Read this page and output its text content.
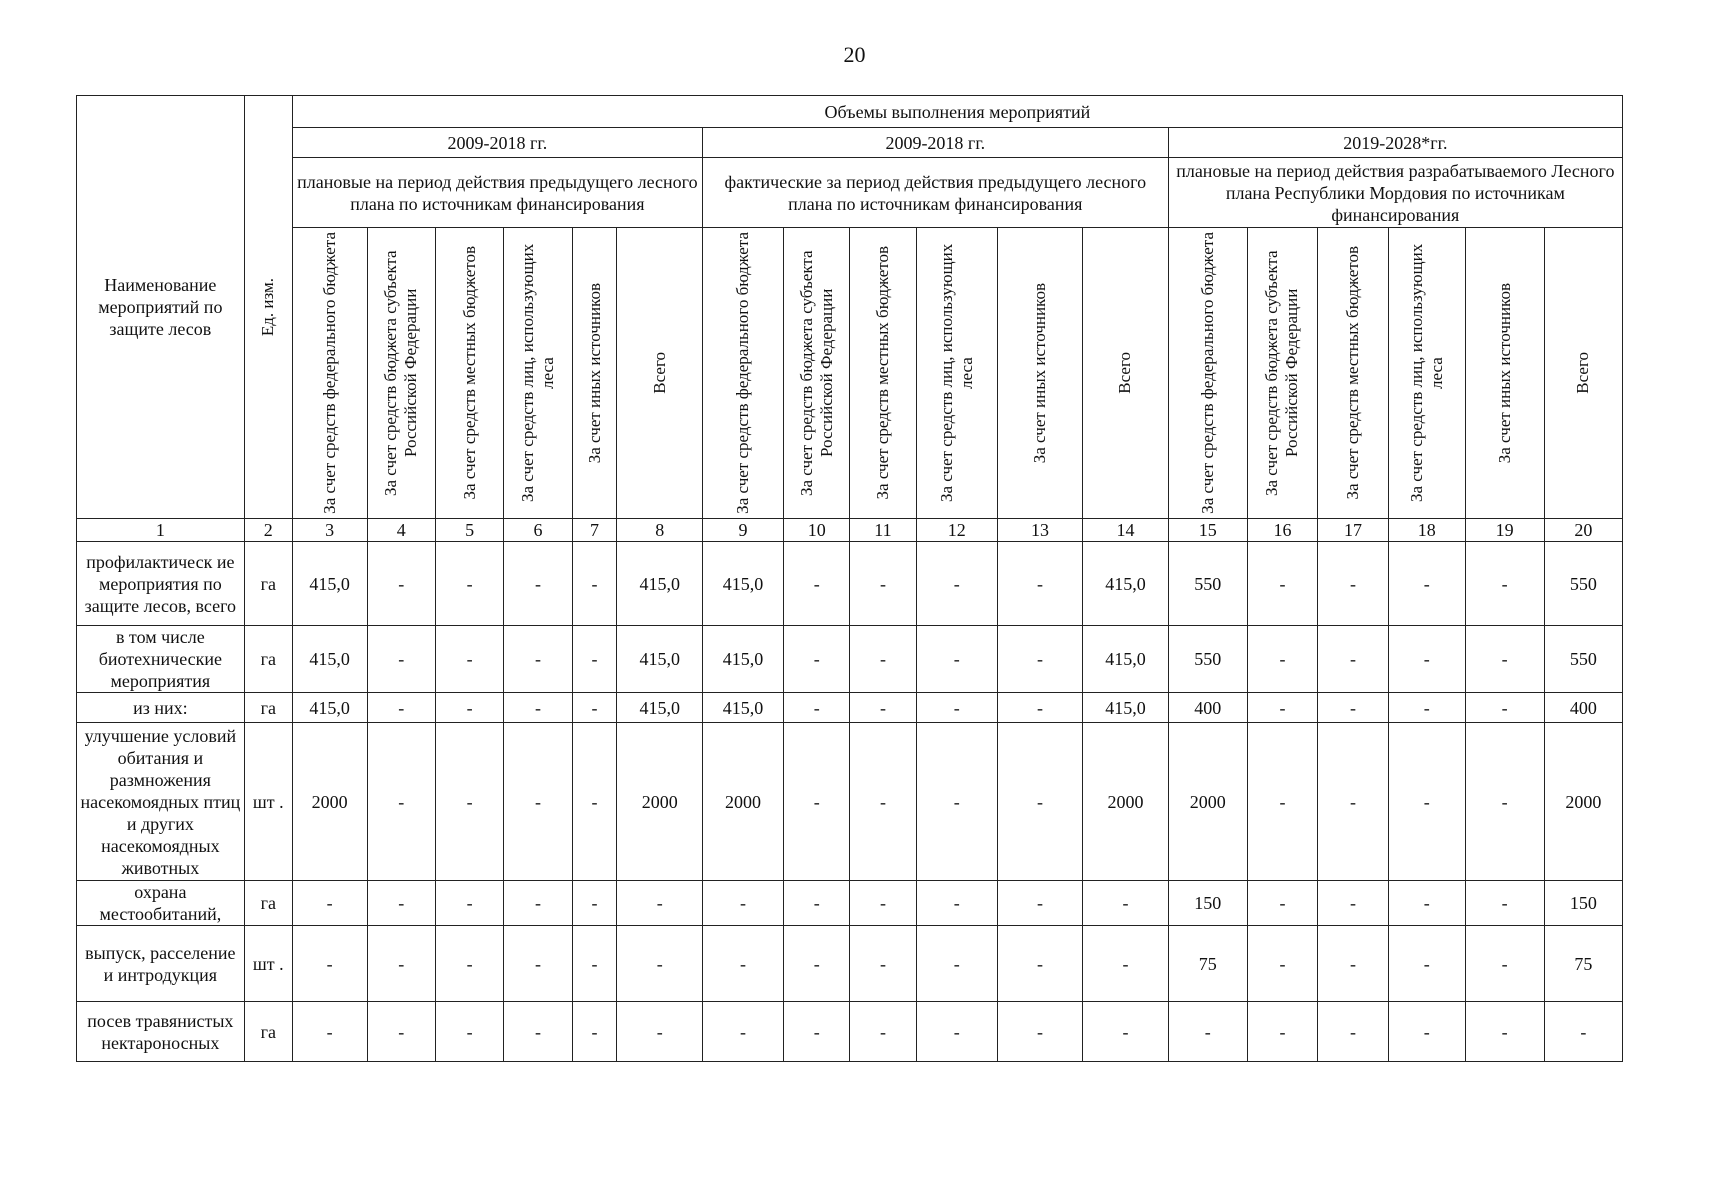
20
Наименование мероприятий по защите лесов	Ед. изм.	Объемы выполнения мероприятий																	
		2009-2018 гг.						2009-2018 гг.						2019-2028*гг.					
		плановые на период действия предыдущего лесного плана по источникам финансирования						фактические за период действия предыдущего лесного плана по источникам финансирования						плановые на период действия разрабатываемого Лесного плана Республики Мордовия по источникам финансирования					

		За счет средств федерального бюджета	За счет средств бюджета субъекта Российской Федерации	За счет средств местных бюджетов	За счет средств лиц, использующих леса	За счет иных источников	Всего	За счет средств федерального бюджета	За счет средств бюджета субъекта Российской Федерации	За счет средств местных бюджетов	За счет средств лиц, использующих леса	За счет иных источников	Всего	За счет средств федерального бюджета	За счет средств бюджета субъекта Российской Федерации	За счет средств местных бюджетов	За счет средств лиц, использующих леса	За счет иных источников	Всего

1	2	3	4	5	6	7	8	9	10	11	12	13	14	15	16	17	18	19	20
профилактическ ие мероприятия по защите лесов, всего	га	415,0	-	-	-	-	415,0	415,0	-	-	-	-	415,0	550	-	-	-	-	550
в том числе биотехнические мероприятия	га	415,0	-	-	-	-	415,0	415,0	-	-	-	-	415,0	550	-	-	-	-	550
из них:	га	415,0	-	-	-	-	415,0	415,0	-	-	-	-	415,0	400	-	-	-	-	400
улучшение условий обитания и размножения насекомоядных птиц и других насекомоядных животных	шт .	2000	-	-	-	-	2000	2000	-	-	-	-	2000	2000	-	-	-	-	2000
охрана местообитаний,	га	-	-	-	-	-	-	-	-	-	-	-	-	150	-	-	-	-	150
выпуск, расселение и интродукция	шт .	-	-	-	-	-	-	-	-	-	-	-	-	75	-	-	-	-	75
посев травянистых нектароносных	га	-	-	-	-	-	-	-	-	-	-	-	-	-	-	-	-	-	-
